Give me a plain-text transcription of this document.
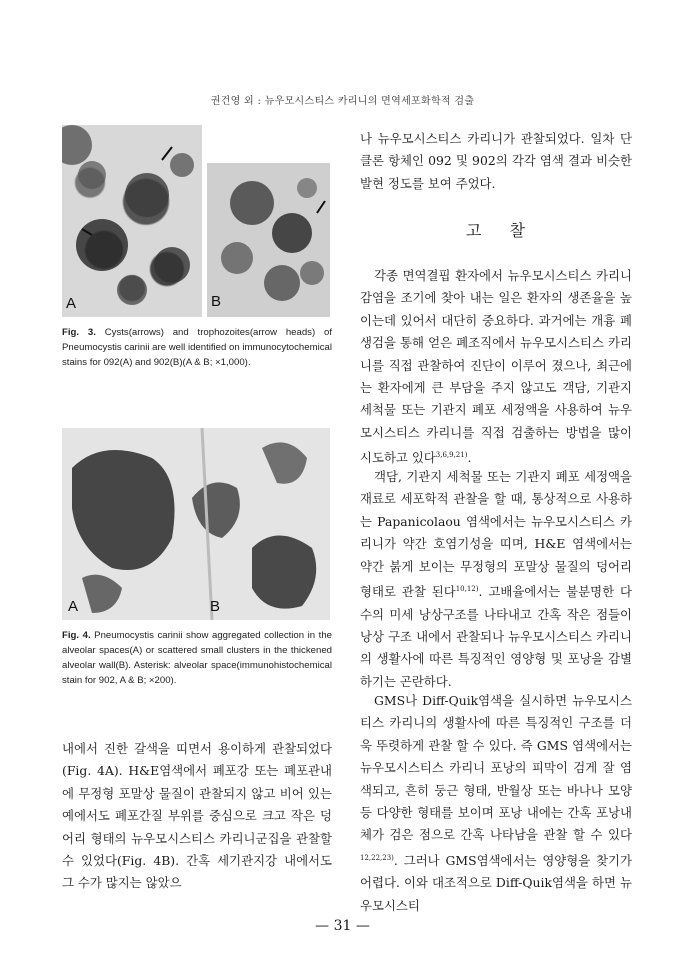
권건영 외 : 뉴우모시스티스 카리니의 면역세포화학적 검출
A	B
Fig. 3. Cysts(arrows) and trophozoites(arrow heads) of Pneumocystis carinii are well identified on immunocytochemical stains for 092(A) and 902(B)(A & B; ×1,000).
A	B
Fig. 4. Pneumocystis carinii show aggregated collection in the alveolar spaces(A) or scattered small clusters in the thickened alveolar wall(B). Asterisk: alveolar space(immunohistochemical stain for 902, A & B; ×200).
내에서 진한 갈색을 띠면서 용이하게 관찰되었다(Fig. 4A). H&E염색에서 폐포강 또는 폐포관내에 무정형 포말상 물질이 관찰되지 않고 비어 있는 예에서도 폐포간질 부위를 중심으로 크고 작은 덩어리 형태의 뉴우모시스티스 카리니군집을 관찰할 수 있었다(Fig. 4B). 간혹 세기관지강 내에서도 그 수가 많지는 않았으
나 뉴우모시스티스 카리니가 관찰되었다. 일차 단클론 항체인 092 및 902의 각각 염색 결과 비슷한 발현 정도를 보여 주었다.
고찰
각종 면역결핍 환자에서 뉴우모시스티스 카리니 감염을 조기에 찾아 내는 일은 환자의 생존율을 높이는데 있어서 대단히 중요하다. 과거에는 개흉 폐생검을 통해 얻은 폐조직에서 뉴우모시스티스 카리니를 직접 관찰하여 진단이 이루어 졌으나, 최근에는 환자에게 큰 부담을 주지 않고도 객담, 기관지 세척물 또는 기관지 폐포 세정액을 사용하여 뉴우모시스티스 카리니를 직접 검출하는 방법을 많이 시도하고 있다$^{3,6,9,21)}$.
객담, 기관지 세척물 또는 기관지 폐포 세정액을 재료로 세포학적 관찰을 할 때, 통상적으로 사용하는 Papanicolaou 염색에서는 뉴우모시스티스 카리니가 약간 호염기성을 띠며, H&E 염색에서는 약간 붉게 보이는 무정형의 포말상 물질의 덩어리 형태로 관찰 된다$^{10,12)}$. 고배율에서는 불분명한 다수의 미세 낭상구조를 나타내고 간혹 작은 점들이 낭상 구조 내에서 관찰되나 뉴우모시스티스 카리니의 생활사에 따른 특징적인 영양형 및 포낭을 감별하기는 곤란하다.
GMS나 Diff-Quik염색을 실시하면 뉴우모시스티스 카리니의 생활사에 따른 특징적인 구조를 더욱 뚜렷하게 관찰 할 수 있다. 즉 GMS 염색에서는 뉴우모시스티스 카리니 포낭의 피막이 검게 잘 염색되고, 흔히 둥근 형태, 반월상 또는 바나나 모양 등 다양한 형태를 보이며 포낭 내에는 간혹 포낭내체가 검은 점으로 간혹 나타남을 관찰 할 수 있다$^{12,22,23)}$. 그러나 GMS염색에서는 영양형을 찾기가 어렵다. 이와 대조적으로 Diff-Quik염색을 하면 뉴우모시스티
— 31 —
